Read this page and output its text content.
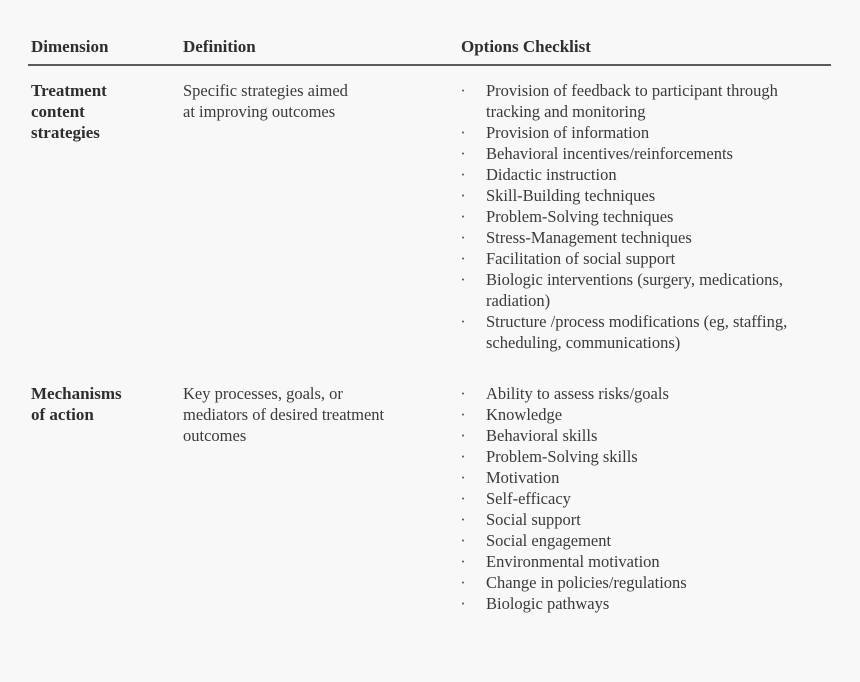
Dimension	Definition	Options Checklist
Treatment
content
strategies
Specific strategies aimed
at improving outcomes
· Provision of feedback to participant through
tracking and monitoring
· Provision of information
· Behavioral incentives/reinforcements
· Didactic instruction
· Skill-Building techniques
· Problem-Solving techniques
· Stress-Management techniques
· Facilitation of social support
· Biologic interventions (surgery, medications,
radiation)
· Structure /process modifications (eg, staffing,
scheduling, communications)
Mechanisms
of action
Key processes, goals, or
mediators of desired treatment
outcomes
· Ability to assess risks/goals
· Knowledge
· Behavioral skills
· Problem-Solving skills
· Motivation
· Self-efficacy
· Social support
· Social engagement
· Environmental motivation
· Change in policies/regulations
· Biologic pathways
